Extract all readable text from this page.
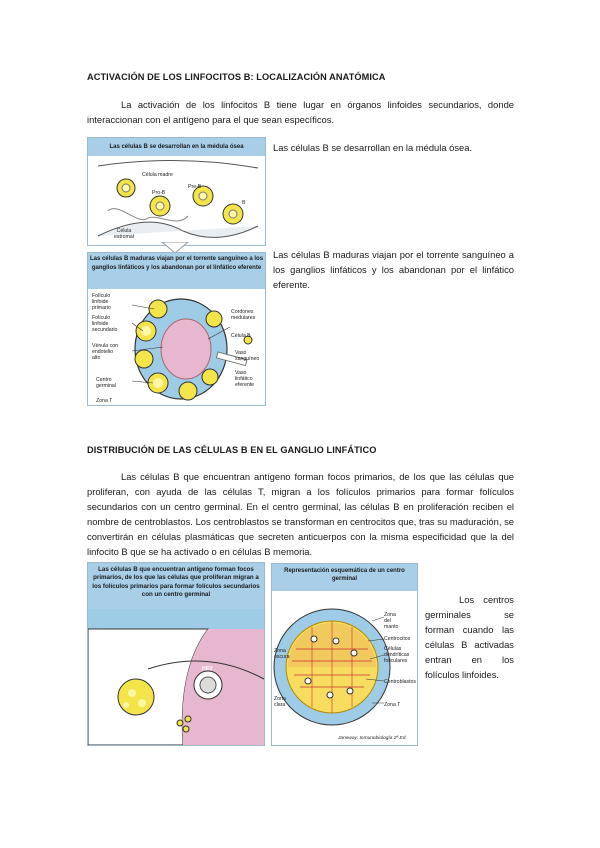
ACTIVACIÓN DE LOS LINFOCITOS B: LOCALIZACIÓN ANATÓMICA
La activación de los linfocitos B tiene lugar en órganos linfoides secundarios, donde interaccionan con el antígeno para el que sean específicos.
Las células B se desarrollan en la médula ósea
Célula madre
Pro-B
Pre-B
B
Célula
estromal
Las células B maduras viajan por el torrente sanguíneo a los ganglios linfáticos y los abandonan por el linfático eferente
Folículo
linfoide
primario
Folículo
linfoide
secundario
Vénula con
endotelio
alto
Centro
germinal
Zona T
Cordones
medulares
Célula B
Vaso
sanguíneo
Vaso
linfático
eferente
Las células B se desarrollan en la médula ósea.
Las células B maduras viajan por el torrente sanguíneo a los ganglios linfáticos y los abandonan por el linfático eferente.
DISTRIBUCIÓN DE LAS CÉLULAS B EN EL GANGLIO LINFÁTICO
Las células B que encuentran antígeno forman focos primarios, de los que las células que proliferan, con ayuda de las células T, migran a los folículos primarios para formar folículos secundarios con un centro germinal. En el centro germinal, las células B en proliferación reciben el nombre de centroblastos. Los centroblastos se transforman en centrocitos que, tras su maduración, se convertirán en células plasmáticas que secreten anticuerpos con la misma especificidad que la del linfocito B que se ha activado o en células B memoria.
Las células B que encuentran antígeno forman focos primarios, de los que las células que proliferan migran a los folículos primarios para formar folículos secundarios con un centro germinal
HEV
Representación esquemática de un centro germinal
Zona
del
manto
Centrocitos
Células
dendríticas
foliculares
Centroblastos
Zona T
Zona
oscura
Zona
clara
Janeway: Inmunobiología 2ª Ed.
Los centros germinales se forman cuando las células B activadas entran en los folículos linfoides.
